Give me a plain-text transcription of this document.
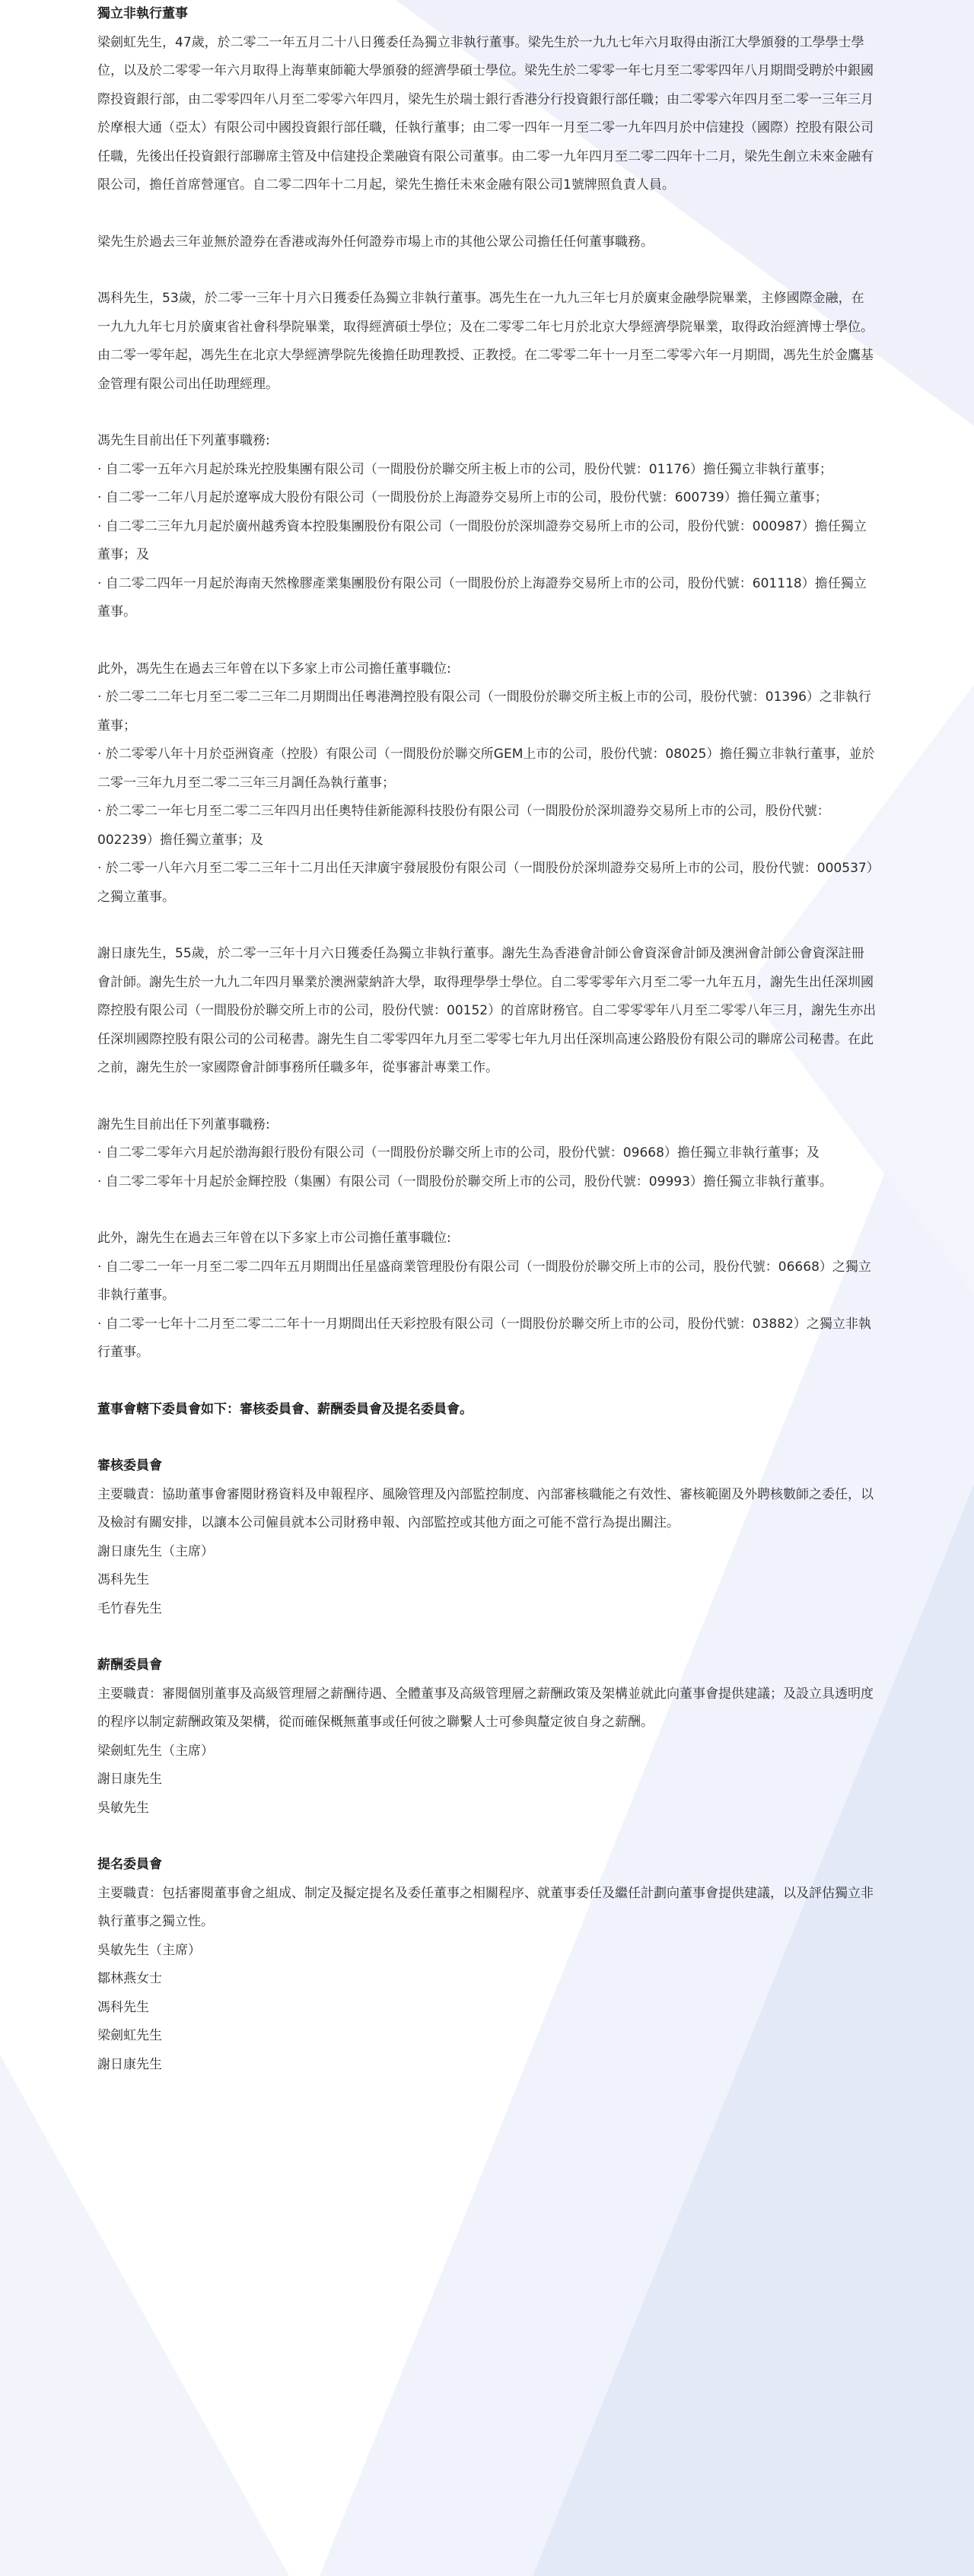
獨立非執行董事

梁劍虹先生，47歲，於二零二一年五月二十八日獲委任為獨立非執行董事。梁先生於一九九七年六月取得由浙江大學頒發的工學學士學位，以及於二零零一年六月取得上海華東師範大學頒發的經濟學碩士學位。梁先生於二零零一年七月至二零零四年八月期間受聘於中銀國際投資銀行部，由二零零四年八月至二零零六年四月，梁先生於瑞士銀行香港分行投資銀行部任職；由二零零六年四月至二零一三年三月於摩根大通（亞太）有限公司中國投資銀行部任職，任執行董事；由二零一四年一月至二零一九年四月於中信建投（國際）控股有限公司任職，先後出任投資銀行部聯席主管及中信建投企業融資有限公司董事。由二零一九年四月至二零二四年十二月，梁先生創立未來金融有限公司，擔任首席營運官。自二零二四年十二月起，梁先生擔任未來金融有限公司1號牌照負責人員。

梁先生於過去三年並無於證券在香港或海外任何證券市場上市的其他公眾公司擔任任何董事職務。

馮科先生，53歲，於二零一三年十月六日獲委任為獨立非執行董事。馮先生在一九九三年七月於廣東金融學院畢業，主修國際金融，在一九九九年七月於廣東省社會科學院畢業，取得經濟碩士學位；及在二零零二年七月於北京大學經濟學院畢業，取得政治經濟博士學位。由二零一零年起，馮先生在北京大學經濟學院先後擔任助理教授、正教授。在二零零二年十一月至二零零六年一月期間，馮先生於金鷹基金管理有限公司出任助理經理。

馮先生目前出任下列董事職務:

· 自二零一五年六月起於珠光控股集團有限公司（一間股份於聯交所主板上市的公司，股份代號：01176）擔任獨立非執行董事；

· 自二零一二年八月起於遼寧成大股份有限公司（一間股份於上海證券交易所上市的公司，股份代號：600739）擔任獨立董事；

· 自二零二三年九月起於廣州越秀資本控股集團股份有限公司（一間股份於深圳證券交易所上市的公司，股份代號：000987）擔任獨立董事；及

· 自二零二四年一月起於海南天然橡膠產業集團股份有限公司（一間股份於上海證券交易所上市的公司，股份代號：601118）擔任獨立董事。

此外，馮先生在過去三年曾在以下多家上市公司擔任董事職位:

· 於二零二二年七月至二零二三年二月期間出任粵港灣控股有限公司（一間股份於聯交所主板上市的公司，股份代號：01396）之非執行董事；

· 於二零零八年十月於亞洲資產（控股）有限公司（一間股份於聯交所GEM上市的公司，股份代號：08025）擔任獨立非執行董事，並於二零一三年九月至二零二三年三月調任為執行董事；

· 於二零二一年七月至二零二三年四月出任奧特佳新能源科技股份有限公司（一間股份於深圳證券交易所上市的公司，股份代號：002239）擔任獨立董事；及

· 於二零一八年六月至二零二三年十二月出任天津廣宇發展股份有限公司（一間股份於深圳證券交易所上市的公司，股份代號：000537）之獨立董事。

謝日康先生，55歲，於二零一三年十月六日獲委任為獨立非執行董事。謝先生為香港會計師公會資深會計師及澳洲會計師公會資深註冊會計師。謝先生於一九九二年四月畢業於澳洲蒙納許大學，取得理學學士學位。自二零零零年六月至二零一九年五月，謝先生出任深圳國際控股有限公司（一間股份於聯交所上市的公司，股份代號：00152）的首席財務官。自二零零零年八月至二零零八年三月，謝先生亦出任深圳國際控股有限公司的公司秘書。謝先生自二零零四年九月至二零零七年九月出任深圳高速公路股份有限公司的聯席公司秘書。在此之前，謝先生於一家國際會計師事務所任職多年，從事審計專業工作。

謝先生目前出任下列董事職務:

· 自二零二零年六月起於渤海銀行股份有限公司（一間股份於聯交所上市的公司，股份代號：09668）擔任獨立非執行董事；及

· 自二零二零年十月起於金輝控股（集團）有限公司（一間股份於聯交所上市的公司，股份代號：09993）擔任獨立非執行董事。

此外，謝先生在過去三年曾在以下多家上市公司擔任董事職位:

· 自二零二一年一月至二零二四年五月期間出任星盛商業管理股份有限公司（一間股份於聯交所上市的公司，股份代號：06668）之獨立非執行董事。

· 自二零一七年十二月至二零二二年十一月期間出任天彩控股有限公司（一間股份於聯交所上市的公司，股份代號：03882）之獨立非執行董事。

董事會轄下委員會如下：審核委員會、薪酬委員會及提名委員會。

審核委員會

主要職責：協助董事會審閱財務資料及申報程序、風險管理及內部監控制度、內部審核職能之有效性、審核範圍及外聘核數師之委任，以及檢討有關安排，以讓本公司僱員就本公司財務申報、內部監控或其他方面之可能不當行為提出關注。

謝日康先生（主席）

馮科先生

毛竹春先生

薪酬委員會

主要職責：審閱個別董事及高級管理層之薪酬待遇、全體董事及高級管理層之薪酬政策及架構並就此向董事會提供建議；及設立具透明度的程序以制定薪酬政策及架構，從而確保概無董事或任何彼之聯繫人士可參與釐定彼自身之薪酬。

梁劍虹先生（主席）

謝日康先生

吳敏先生

提名委員會

主要職責：包括審閱董事會之組成、制定及擬定提名及委任董事之相關程序、就董事委任及繼任計劃向董事會提供建議，以及評估獨立非執行董事之獨立性。

吳敏先生（主席）

鄒林燕女士

馮科先生

梁劍虹先生

謝日康先生
